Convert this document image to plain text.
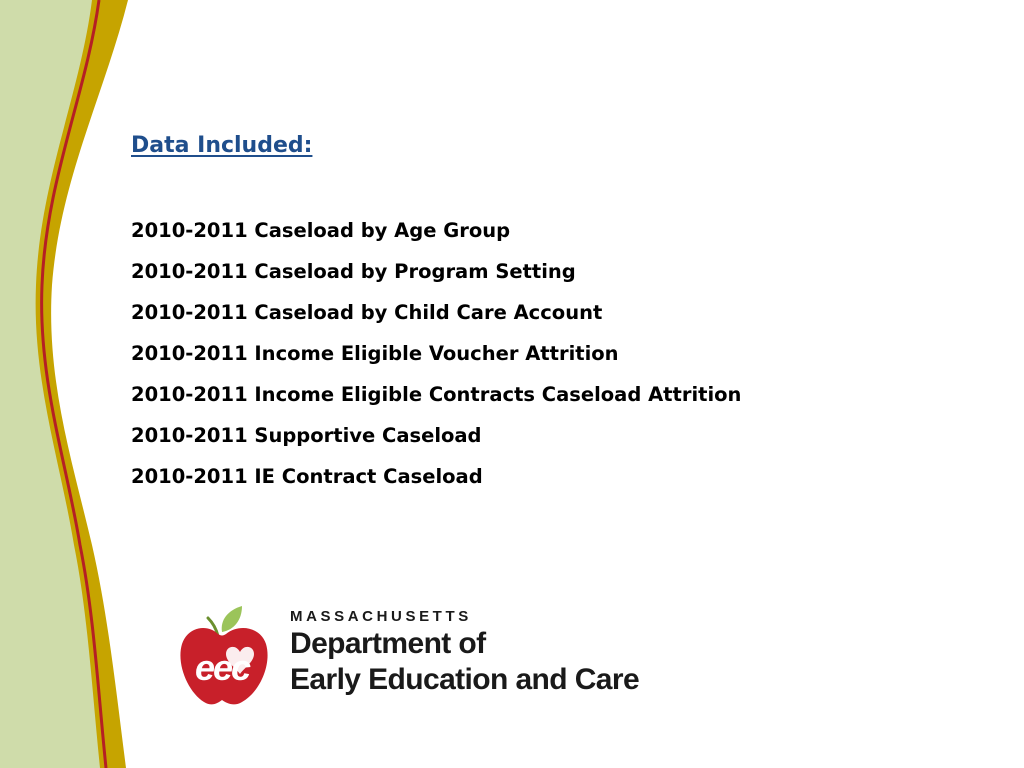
Data Included:
2010-2011 Caseload by Age Group
2010-2011 Caseload by Program Setting
2010-2011 Caseload by Child Care Account
2010-2011 Income Eligible Voucher Attrition
2010-2011 Income Eligible Contracts Caseload Attrition
2010-2011 Supportive Caseload
2010-2011 IE Contract Caseload
eec
MASSACHUSETTS
Department of
Early Education and Care
